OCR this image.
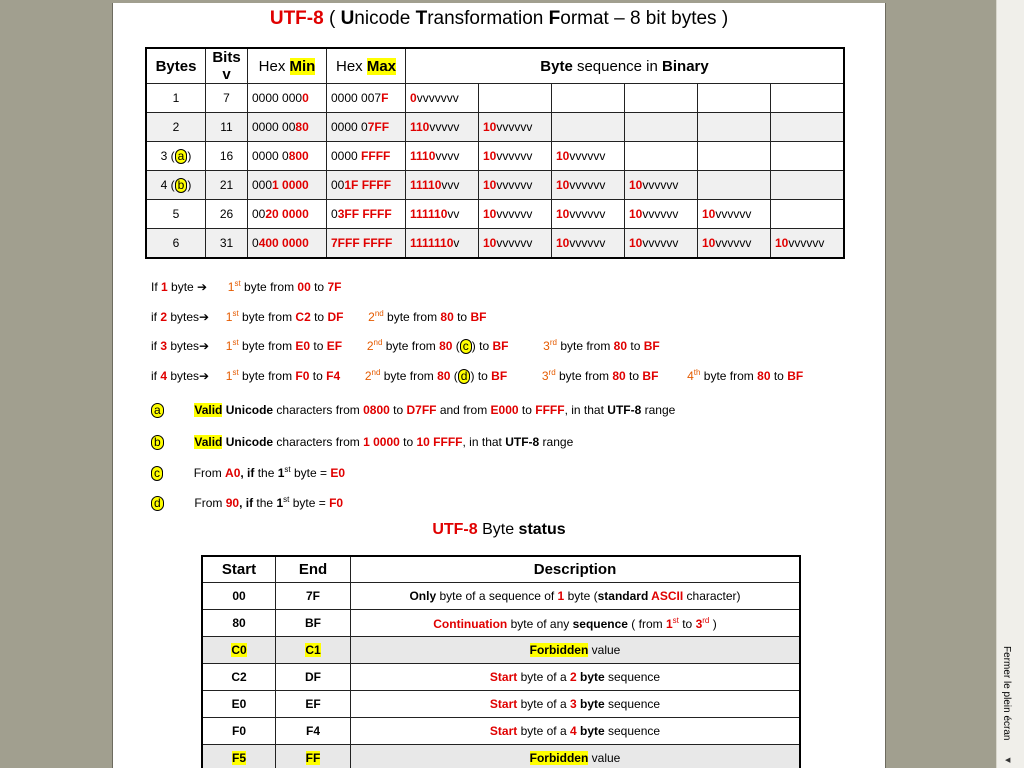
UTF-8 ( Unicode Transformation Format – 8 bit bytes )
Bytes	Bits v	Hex Min	Hex Max	Byte sequence in Binary					
1	7	0000 0000	0000 007F	0vvvvvvv					
2	11	0000 0080	0000 07FF	110vvvvv	10vvvvvv				
3 ( a )	16	0000 0800	0000 FFFF	1110vvvv	10vvvvvv	10vvvvvv			
4 ( b )	21	0001 0000	001F FFFF	11110vvv	10vvvvvv	10vvvvvv	10vvvvvv		
5	26	0020 0000	03FF FFFF	111110vv	10vvvvvv	10vvvvvv	10vvvvvv	10vvvvvv	
6	31	0400 0000	7FFF FFFF	1111110v	10vvvvvv	10vvvvvv	10vvvvvv	10vvvvvv	10vvvvvv
If 1 byte ➔ 1st byte from 00 to 7F
if 2 bytes➔ 1st byte from C2 to DF 2nd byte from 80 to BF
if 3 bytes➔ 1st byte from E0 to EF 2nd byte from 80 ( c ) to BF	3rd byte from 80 to BF
if 4 bytes➔ 1st byte from F0 to F4 2nd byte from 80 ( d ) to BF	3rd byte from 80 to BF 4th byte from 80 to BF
a	Valid Unicode characters from 0800 to D7FF and from E000 to FFFF, in that UTF-8 range
b	Valid Unicode characters from 1 0000 to 10 FFFF, in that UTF-8 range
c	From A0, if the 1st byte = E0
d	From 90, if the 1st byte = F0
UTF-8 Byte status
Start	End	Description
00	7F	Only byte of a sequence of 1 byte (standard ASCII character)
80	BF	Continuation byte of any sequence ( from 1st to 3rd )
C0	C1	Forbidden value
C2	DF	Start byte of a 2 byte sequence
E0	EF	Start byte of a 3 byte sequence
F0	F4	Start byte of a 4 byte sequence
F5	FF	Forbidden value
Fermer le plein écran
◀
